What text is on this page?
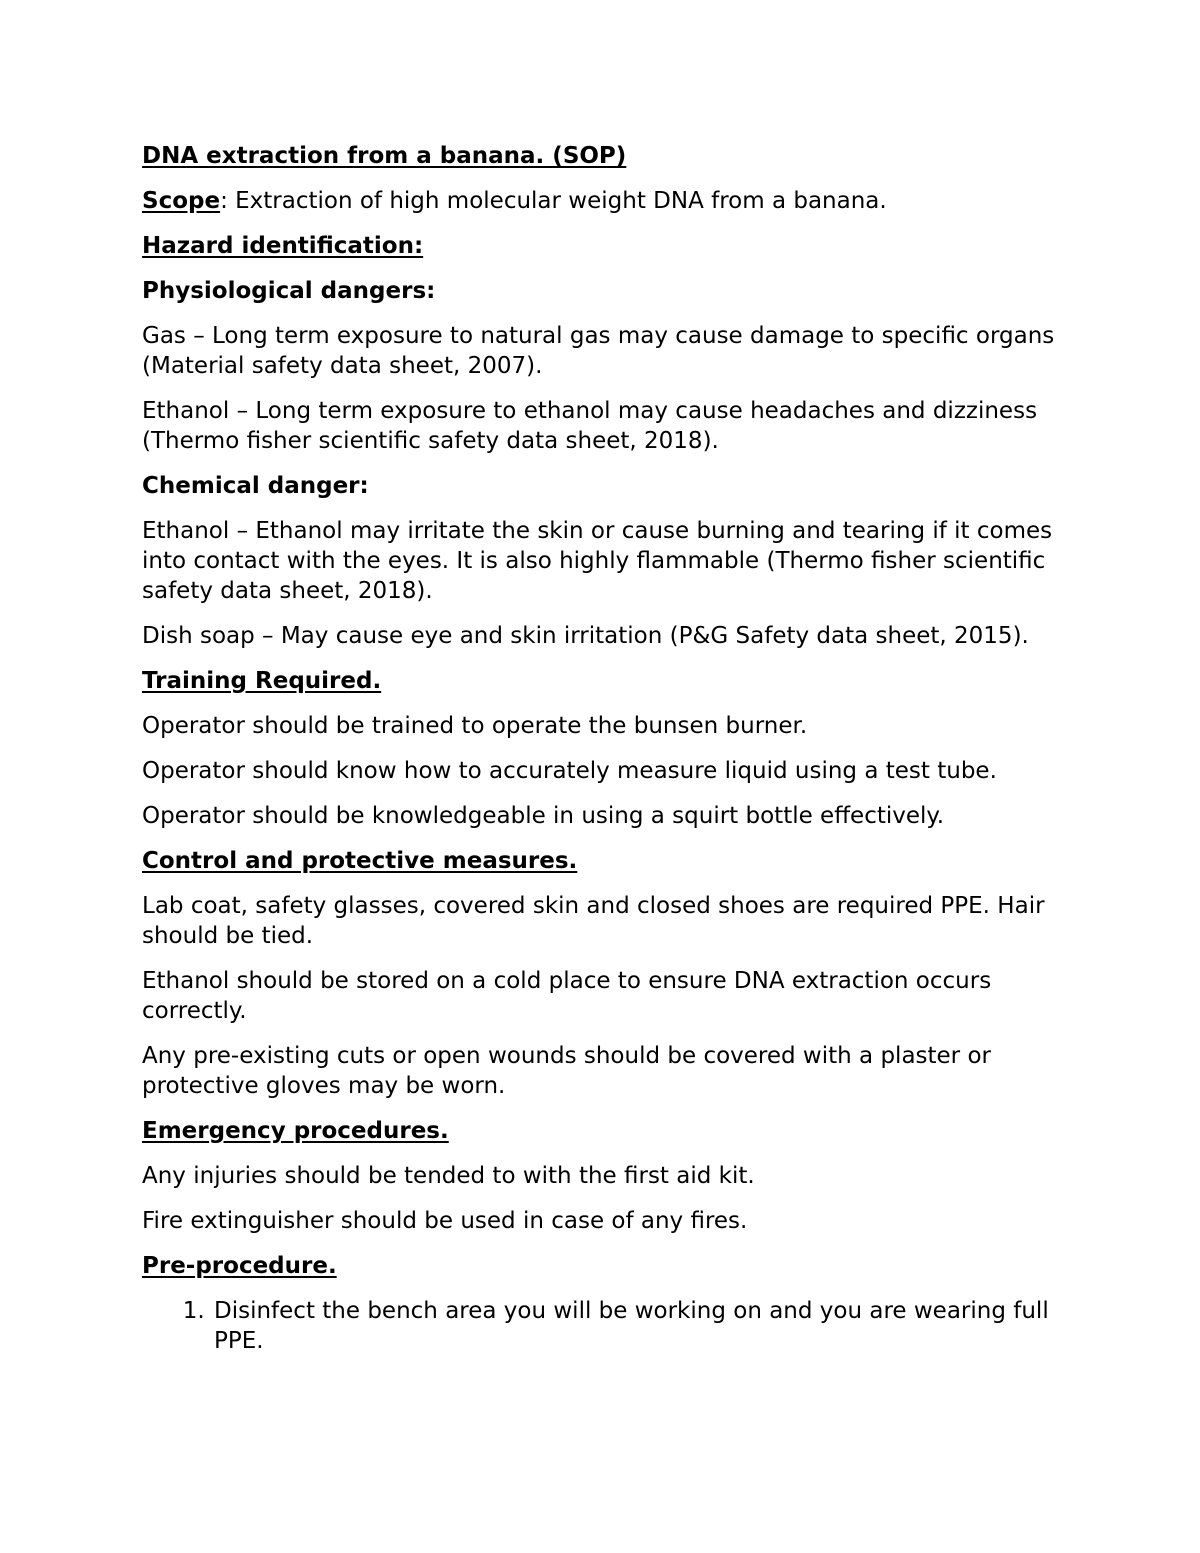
DNA extraction from a banana. (SOP)

Scope: Extraction of high molecular weight DNA from a banana.

Hazard identification:

Physiological dangers:

Gas – Long term exposure to natural gas may cause damage to specific organs (Material safety data sheet, 2007).

Ethanol – Long term exposure to ethanol may cause headaches and dizziness (Thermo fisher scientific safety data sheet, 2018).

Chemical danger:

Ethanol – Ethanol may irritate the skin or cause burning and tearing if it comes into contact with the eyes. It is also highly flammable (Thermo fisher scientific safety data sheet, 2018).

Dish soap – May cause eye and skin irritation (P&G Safety data sheet, 2015).

Training Required.

Operator should be trained to operate the bunsen burner.

Operator should know how to accurately measure liquid using a test tube.

Operator should be knowledgeable in using a squirt bottle effectively.

Control and protective measures.

Lab coat, safety glasses, covered skin and closed shoes are required PPE. Hair should be tied.

Ethanol should be stored on a cold place to ensure DNA extraction occurs correctly.

Any pre-existing cuts or open wounds should be covered with a plaster or protective gloves may be worn.

Emergency procedures.

Any injuries should be tended to with the first aid kit.

Fire extinguisher should be used in case of any fires.

Pre-procedure.

1. Disinfect the bench area you will be working on and you are wearing full PPE.
